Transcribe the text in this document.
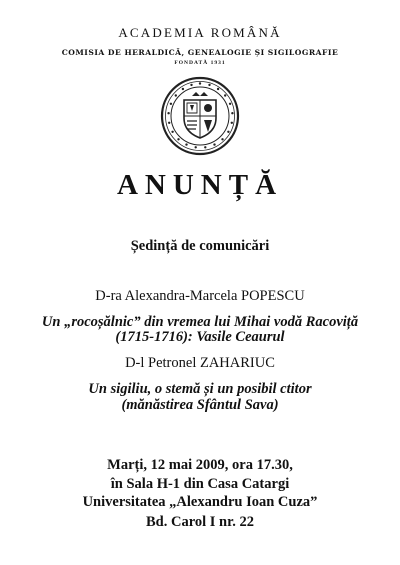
ACADEMIA ROMÂNĂ
COMISIA DE HERALDICĂ, GENEALOGIE ȘI SIGILOGRAFIE
FONDATĂ 1931
ANUNȚĂ
Ședință de comunicări
D-ra Alexandra-Marcela POPESCU
Un „rocoșălnic” din vremea lui Mihai vodă Racoviță
(1715-1716): Vasile Ceaurul
D-l Petronel ZAHARIUC
Un sigiliu, o stemă și un posibil ctitor
(mănăstirea Sfântul Sava)
Marți, 12 mai 2009, ora 17.30,
în Sala H-1 din Casa Catargi
Universitatea „Alexandru Ioan Cuza”
Bd. Carol I nr. 22
